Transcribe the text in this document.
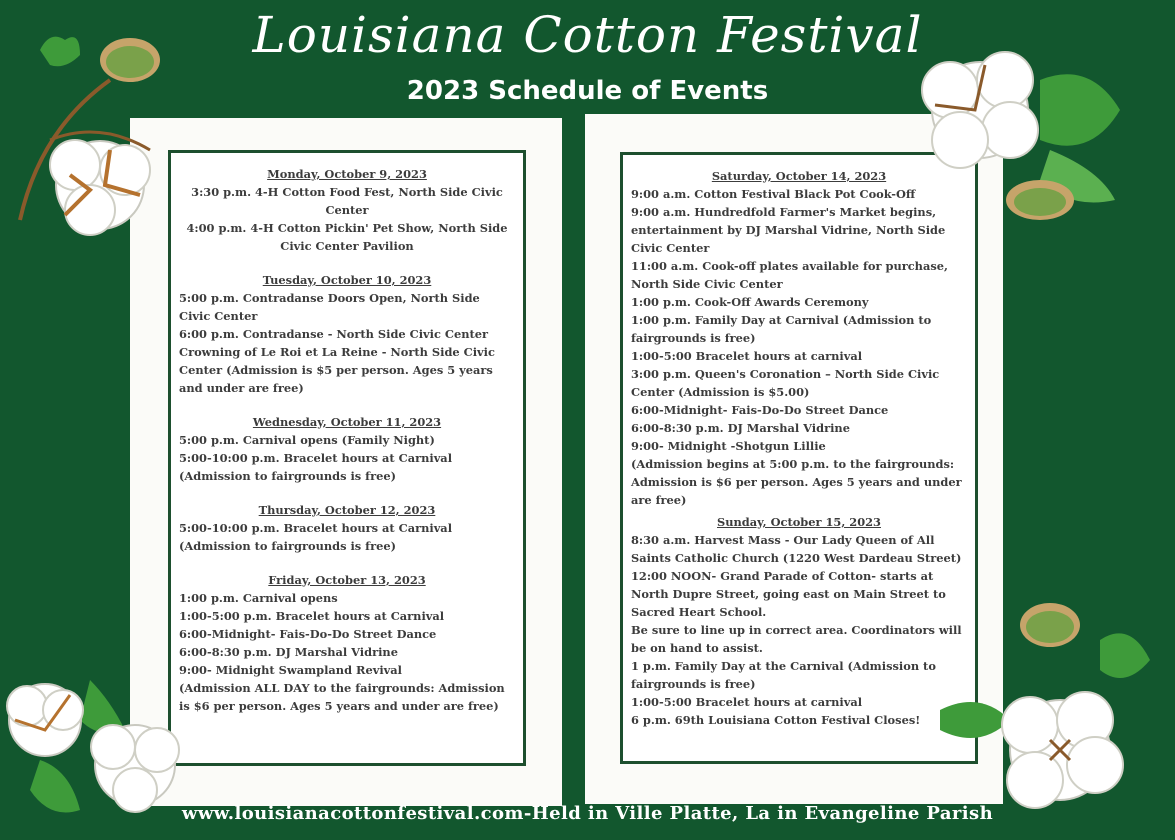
Louisiana Cotton Festival
2023 Schedule of Events

Monday, October 9, 2023

3:30 p.m. 4-H Cotton Food Fest, North Side Civic Center

4:00 p.m. 4-H Cotton Pickin' Pet Show, North Side Civic Center Pavilion

Tuesday, October 10, 2023

5:00 p.m. Contradanse Doors Open, North Side Civic Center

6:00 p.m. Contradanse - North Side Civic Center Crowning of Le Roi et La Reine - North Side Civic Center (Admission is $5 per person. Ages 5 years and under are free)

Wednesday, October 11, 2023

5:00 p.m. Carnival opens (Family Night)

5:00-10:00 p.m. Bracelet hours at Carnival (Admission to fairgrounds is free)

Thursday, October 12, 2023

5:00-10:00 p.m. Bracelet hours at Carnival (Admission to fairgrounds is free)

Friday, October 13, 2023

1:00 p.m. Carnival opens

1:00-5:00 p.m. Bracelet hours at Carnival

6:00-Midnight- Fais-Do-Do Street Dance

6:00-8:30 p.m. DJ Marshal Vidrine

9:00- Midnight Swampland Revival

(Admission ALL DAY to the fairgrounds: Admission is $6 per person. Ages 5 years and under are free)

Saturday, October 14, 2023

9:00 a.m. Cotton Festival Black Pot Cook-Off

9:00 a.m. Hundredfold Farmer's Market begins, entertainment by DJ Marshal Vidrine, North Side Civic Center

11:00 a.m. Cook-off plates available for purchase, North Side Civic Center

1:00 p.m. Cook-Off Awards Ceremony

1:00 p.m. Family Day at Carnival (Admission to fairgrounds is free)

1:00-5:00 Bracelet hours at carnival

3:00 p.m. Queen's Coronation – North Side Civic Center (Admission is $5.00)

6:00-Midnight- Fais-Do-Do Street Dance

6:00-8:30 p.m. DJ Marshal Vidrine

9:00- Midnight -Shotgun Lillie

(Admission begins at 5:00 p.m. to the fairgrounds: Admission is $6 per person. Ages 5 years and under are free)

Sunday, October 15, 2023

8:30 a.m. Harvest Mass - Our Lady Queen of All Saints Catholic Church (1220 West Dardeau Street)

12:00 NOON- Grand Parade of Cotton- starts at North Dupre Street, going east on Main Street to Sacred Heart School.

Be sure to line up in correct area. Coordinators will be on hand to assist.

1 p.m. Family Day at the Carnival (Admission to fairgrounds is free)

1:00-5:00 Bracelet hours at carnival

6 p.m. 69th Louisiana Cotton Festival Closes!

www.louisianacottonfestival.com-Held in Ville Platte, La in Evangeline Parish
